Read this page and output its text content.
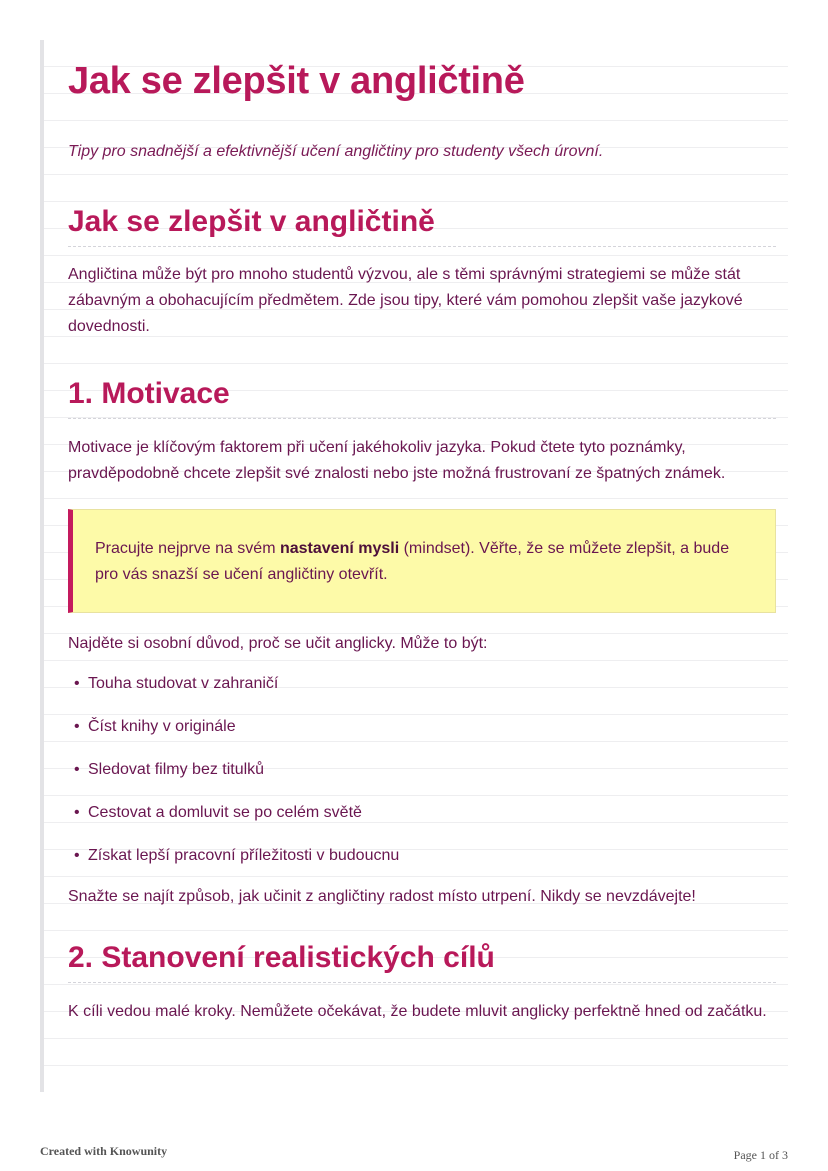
Jak se zlepšit v angličtině

Tipy pro snadnější a efektivnější učení angličtiny pro studenty všech úrovní.

Jak se zlepšit v angličtině

Angličtina může být pro mnoho studentů výzvou, ale s těmi správnými strategiemi se může stát zábavným a obohacujícím předmětem. Zde jsou tipy, které vám pomohou zlepšit vaše jazykové dovednosti.

1. Motivace

Motivace je klíčovým faktorem při učení jakéhokoliv jazyka. Pokud čtete tyto poznámky, pravděpodobně chcete zlepšit své znalosti nebo jste možná frustrovaní ze špatných známek.

Pracujte nejprve na svém nastavení mysli (mindset). Věřte, že se můžete zlepšit, a bude pro vás snazší se učení angličtiny otevřít.

Najděte si osobní důvod, proč se učit anglicky. Může to být:

• Touha studovat v zahraničí
• Číst knihy v originále
• Sledovat filmy bez titulků
• Cestovat a domluvit se po celém světě
• Získat lepší pracovní příležitosti v budoucnu

Snažte se najít způsob, jak učinit z angličtiny radost místo utrpení. Nikdy se nevzdávejte!

2. Stanovení realistických cílů

K cíli vedou malé kroky. Nemůžete očekávat, že budete mluvit anglicky perfektně hned od začátku.

Created with Knowunity	Page 1 of 3
